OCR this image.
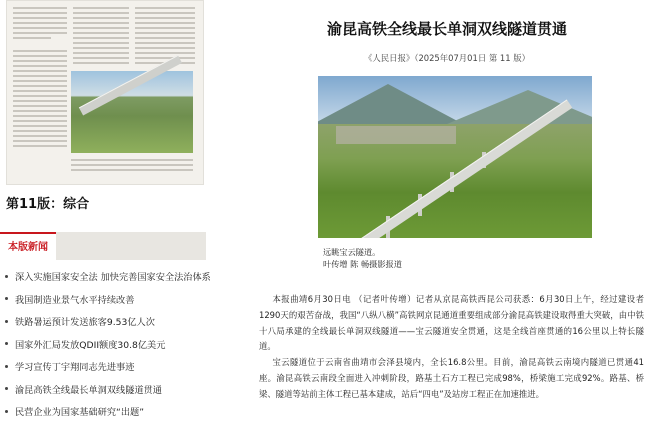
第11版：综合
本版新闻
深入实施国家安全法 加快完善国家安全法治体系
我国制造业景气水平持续改善
铁路暑运预计发送旅客9.53亿人次
国家外汇局发放QDII额度30.8亿美元
学习宣传丁宇翔同志先进事迹
渝昆高铁全线最长单洞双线隧道贯通
民营企业为国家基础研究“出题”
渝昆高铁全线最长单洞双线隧道贯通
《人民日报》（2025年07月01日 第 11 版）
远眺宝云隧道。
叶传增 陈 畅摄影报道

本报曲靖6月30日电 （记者叶传增）记者从京昆高铁西昆公司获悉：6月30日上午，经过建设者1290天的艰苦奋战，我国“八纵八横”高铁网京昆通道重要组成部分渝昆高铁建设取得重大突破，由中铁十八局承建的全线最长单洞双线隧道——宝云隧道安全贯通，这是全线首座贯通的16公里以上特长隧道。

宝云隧道位于云南省曲靖市会泽县境内，全长16.8公里。目前，渝昆高铁云南境内隧道已贯通41座。渝昆高铁云南段全面进入冲刺阶段，路基土石方工程已完成98%，桥梁施工完成92%。路基、桥梁、隧道等站前主体工程已基本建成，站后“四电”及站房工程正在加速推进。
